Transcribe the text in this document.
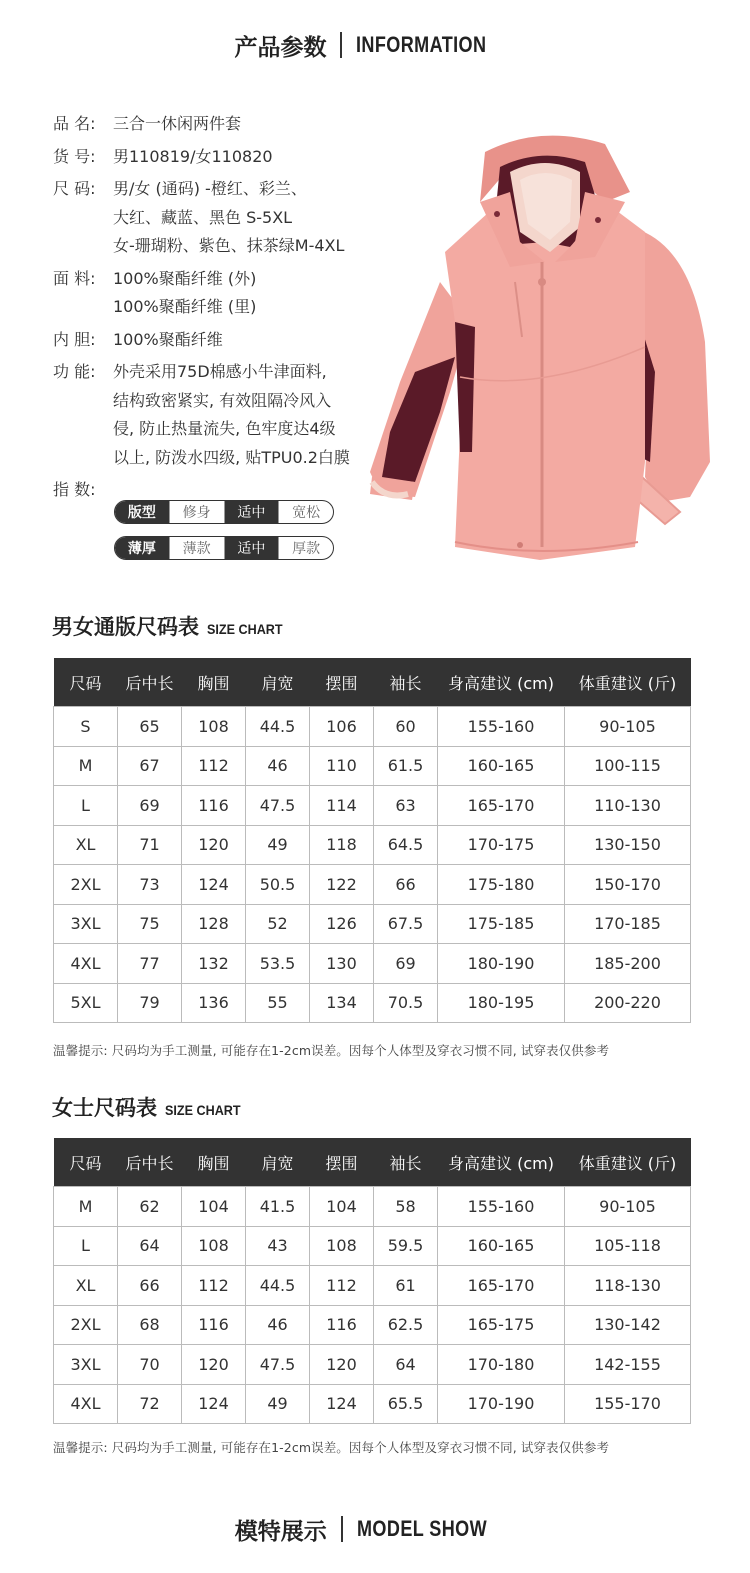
产品参数 INFORMATION
品 名:	三合一休闲两件套
货 号:	男110819/女110820
尺 码:	男/女 (通码) -橙红、彩兰、
大红、藏蓝、黑色 S-5XL
女-珊瑚粉、紫色、抹茶绿M-4XL
面 料:	100%聚酯纤维 (外)
100%聚酯纤维 (里)
内 胆:	100%聚酯纤维
功 能:	外壳采用75D棉感小牛津面料,
结构致密紧实, 有效阻隔冷风入
侵, 防止热量流失, 色牢度达4级
以上, 防泼水四级, 贴TPU0.2白膜
指 数:
版型	修身	适中	宽松
薄厚	薄款	适中	厚款
男女通版尺码表 SIZE CHART
尺码	后中长	胸围	肩宽	摆围	袖长	身高建议 (cm)	体重建议 (斤)
S	65	108	44.5	106	60	155-160	90-105
M	67	112	46	110	61.5	160-165	100-115
L	69	116	47.5	114	63	165-170	110-130
XL	71	120	49	118	64.5	170-175	130-150
2XL	73	124	50.5	122	66	175-180	150-170
3XL	75	128	52	126	67.5	175-185	170-185
4XL	77	132	53.5	130	69	180-190	185-200
5XL	79	136	55	134	70.5	180-195	200-220
温馨提示: 尺码均为手工测量, 可能存在1-2cm误差。因每个人体型及穿衣习惯不同, 试穿表仅供参考
女士尺码表 SIZE CHART
尺码	后中长	胸围	肩宽	摆围	袖长	身高建议 (cm)	体重建议 (斤)
M	62	104	41.5	104	58	155-160	90-105
L	64	108	43	108	59.5	160-165	105-118
XL	66	112	44.5	112	61	165-170	118-130
2XL	68	116	46	116	62.5	165-175	130-142
3XL	70	120	47.5	120	64	170-180	142-155
4XL	72	124	49	124	65.5	170-190	155-170
温馨提示: 尺码均为手工测量, 可能存在1-2cm误差。因每个人体型及穿衣习惯不同, 试穿表仅供参考
模特展示 MODEL SHOW
